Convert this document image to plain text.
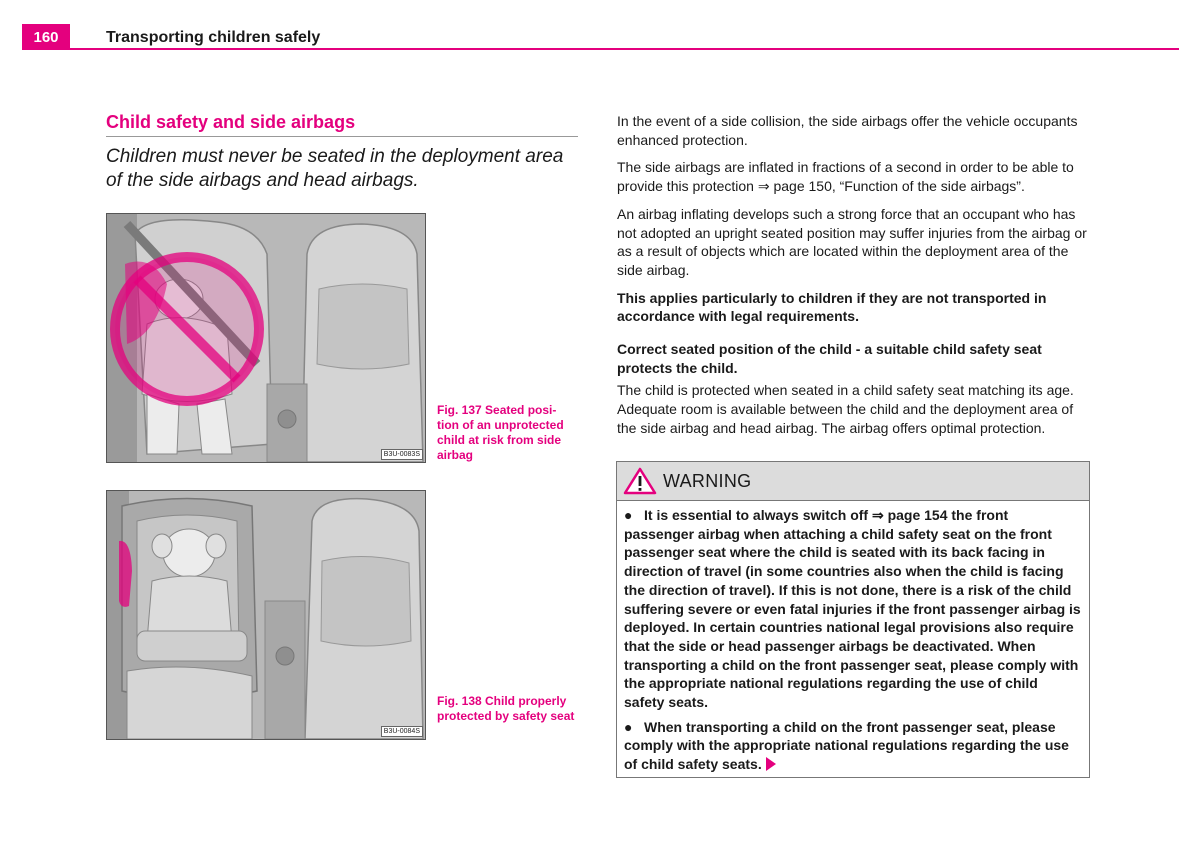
160	Transporting children safely
Child safety and side airbags
Children must never be seated in the deployment area of the side airbags and head airbags.
B3U-0083S
Fig. 137 Seated posi- tion of an unprotected child at risk from side airbag
B3U-0084S
Fig. 138 Child properly protected by safety seat

In the event of a side collision, the side airbags offer the vehicle occupants enhanced protection.

The side airbags are inflated in fractions of a second in order to be able to provide this protection ⇒ page 150, “Function of the side airbags”.

An airbag inflating develops such a strong force that an occupant who has not adopted an upright seated position may suffer injuries from the airbag or as a result of objects which are located within the deployment area of the side airbag.

This applies particularly to children if they are not transported in accordance with legal requirements.

Correct seated position of the child - a suitable child safety seat protects the child.

The child is protected when seated in a child safety seat matching its age. Adequate room is available between the child and the deployment area of the side airbag and head airbag. The airbag offers optimal protection.

WARNING

● It is essential to always switch off ⇒ page 154 the front passenger airbag when attaching a child safety seat on the front passenger seat where the child is seated with its back facing in direction of travel (in some countries also when the child is facing the direction of travel). If this is not done, there is a risk of the child suffering severe or even fatal injuries if the front passenger airbag is deployed. In certain countries national legal provisions also require that the side or head passenger airbags be deactivated. When transporting a child on the front passenger seat, please comply with the appropriate national regulations regarding the use of child safety seats.

● When transporting a child on the front passenger seat, please comply with the appropriate national regulations regarding the use of child safety seats.
